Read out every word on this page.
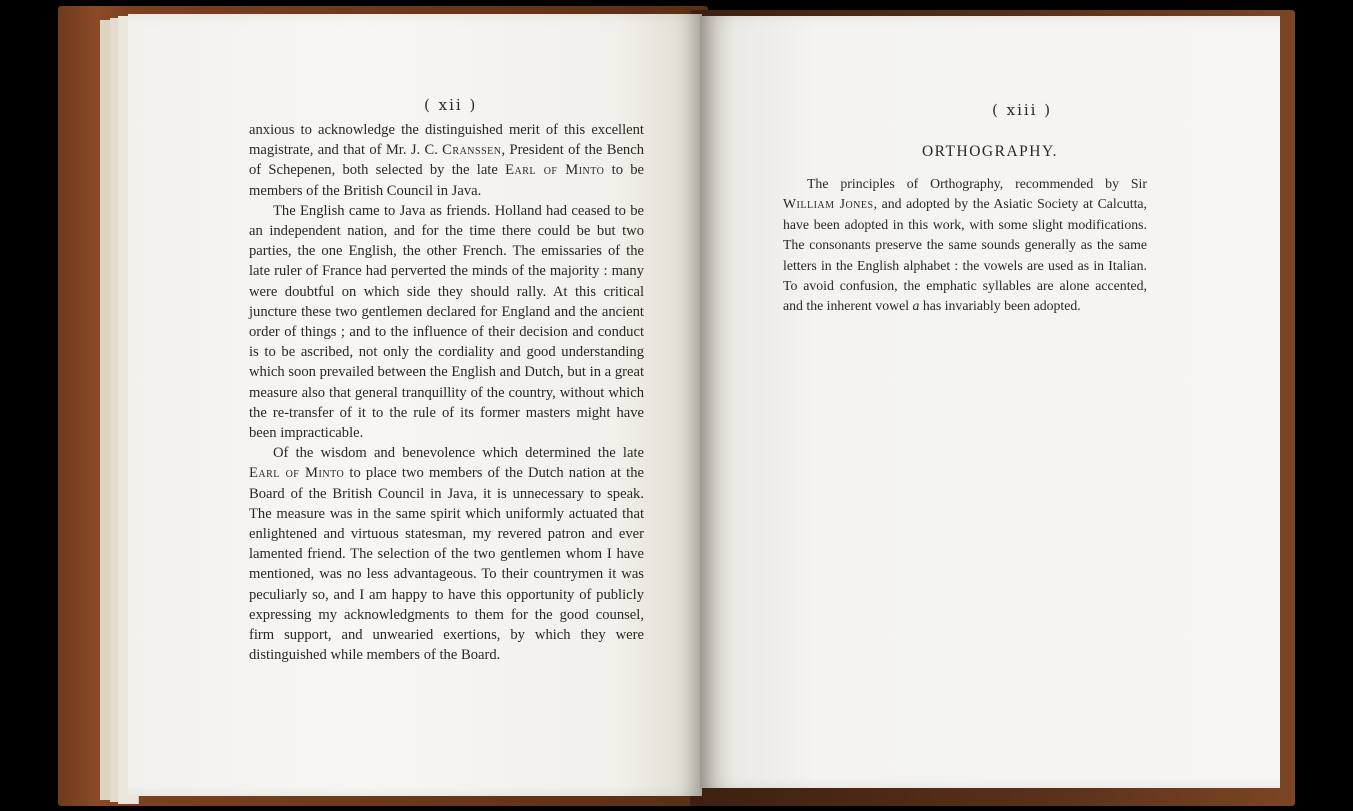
( xii )

anxious to acknowledge the distinguished merit of this excellent magistrate, and that of Mr. J. C. Cranssen, President of the Bench of Schepenen, both selected by the late Earl of Minto to be members of the British Council in Java.

The English came to Java as friends. Holland had ceased to be an independent nation, and for the time there could be but two parties, the one English, the other French. The emissaries of the late ruler of France had perverted the minds of the majority : many were doubtful on which side they should rally. At this critical juncture these two gentlemen declared for England and the ancient order of things ; and to the influence of their decision and conduct is to be ascribed, not only the cordiality and good understanding which soon prevailed between the English and Dutch, but in a great measure also that general tranquillity of the country, without which the re-transfer of it to the rule of its former masters might have been impracticable.

Of the wisdom and benevolence which determined the late Earl of Minto to place two members of the Dutch nation at the Board of the British Council in Java, it is unnecessary to speak. The measure was in the same spirit which uniformly actuated that enlightened and virtuous statesman, my revered patron and ever lamented friend. The selection of the two gentlemen whom I have mentioned, was no less advantageous. To their countrymen it was peculiarly so, and I am happy to have this opportunity of publicly expressing my acknowledgments to them for the good counsel, firm support, and unwearied exertions, by which they were distinguished while members of the Board.

( xiii )
ORTHOGRAPHY.

The principles of Orthography, recommended by Sir William Jones, and adopted by the Asiatic Society at Calcutta, have been adopted in this work, with some slight modifications. The consonants preserve the same sounds generally as the same letters in the English alphabet : the vowels are used as in Italian. To avoid confusion, the emphatic syllables are alone accented, and the inherent vowel a has invariably been adopted.
